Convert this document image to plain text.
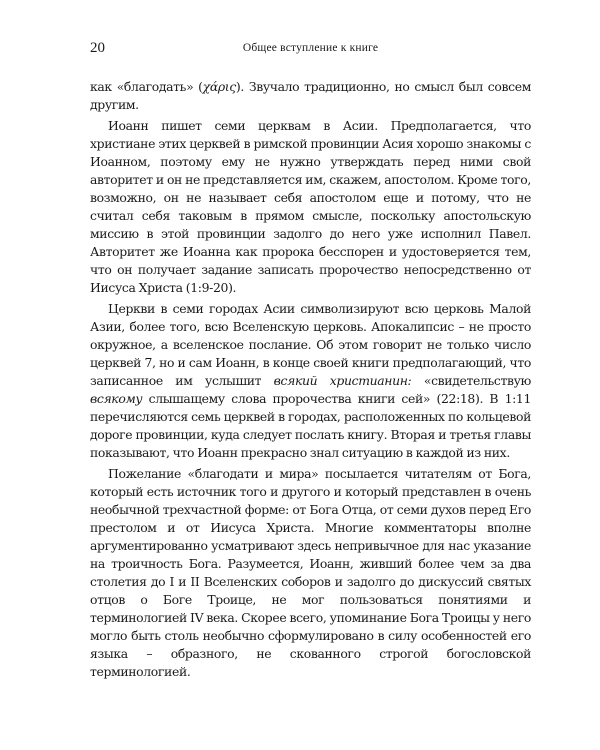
20	Общее вступление к книге

как «благодать» (χάρις). Звучало традиционно, но смысл был совсем другим.

Иоанн пишет семи церквам в Асии. Предполагается, что христиане этих церквей в римской провинции Асия хорошо знакомы с Иоанном, поэтому ему не нужно утверждать перед ними свой авторитет и он не представляется им, скажем, апостолом. Кроме того, возможно, он не называет себя апостолом еще и потому, что не считал себя таковым в прямом смысле, поскольку апостольскую миссию в этой провинции задолго до него уже исполнил Павел. Авторитет же Иоанна как пророка бесспорен и удостоверяется тем, что он получает задание записать пророчество непосредственно от Иисуса Христа (1:9-20).

Церкви в семи городах Асии символизируют всю церковь Малой Азии, более того, всю Вселенскую церковь. Апокалипсис – не просто окружное, а вселенское послание. Об этом говорит не только число церквей 7, но и сам Иоанн, в конце своей книги предполагающий, что записанное им услышит всякий христианин: «свидетельствую всякому слышащему слова пророчества книги сей» (22:18). В 1:11 перечисляются семь церквей в городах, расположенных по кольцевой дороге провинции, куда следует послать книгу. Вторая и третья главы показывают, что Иоанн прекрасно знал ситуацию в каждой из них.

Пожелание «благодати и мира» посылается читателям от Бога, который есть источник того и другого и который представлен в очень необычной трехчастной форме: от Бога Отца, от семи духов перед Его престолом и от Иисуса Христа. Многие комментаторы вполне аргументированно усматривают здесь непривычное для нас указание на троичность Бога. Разумеется, Иоанн, живший более чем за два столетия до I и II Вселенских соборов и задолго до дискуссий святых отцов о Боге Троице, не мог пользоваться понятиями и терминологией IV века. Скорее всего, упоминание Бога Троицы у него могло быть столь необычно сформулировано в силу особенностей его языка – образного, не скованного строгой богословской терминологией.
